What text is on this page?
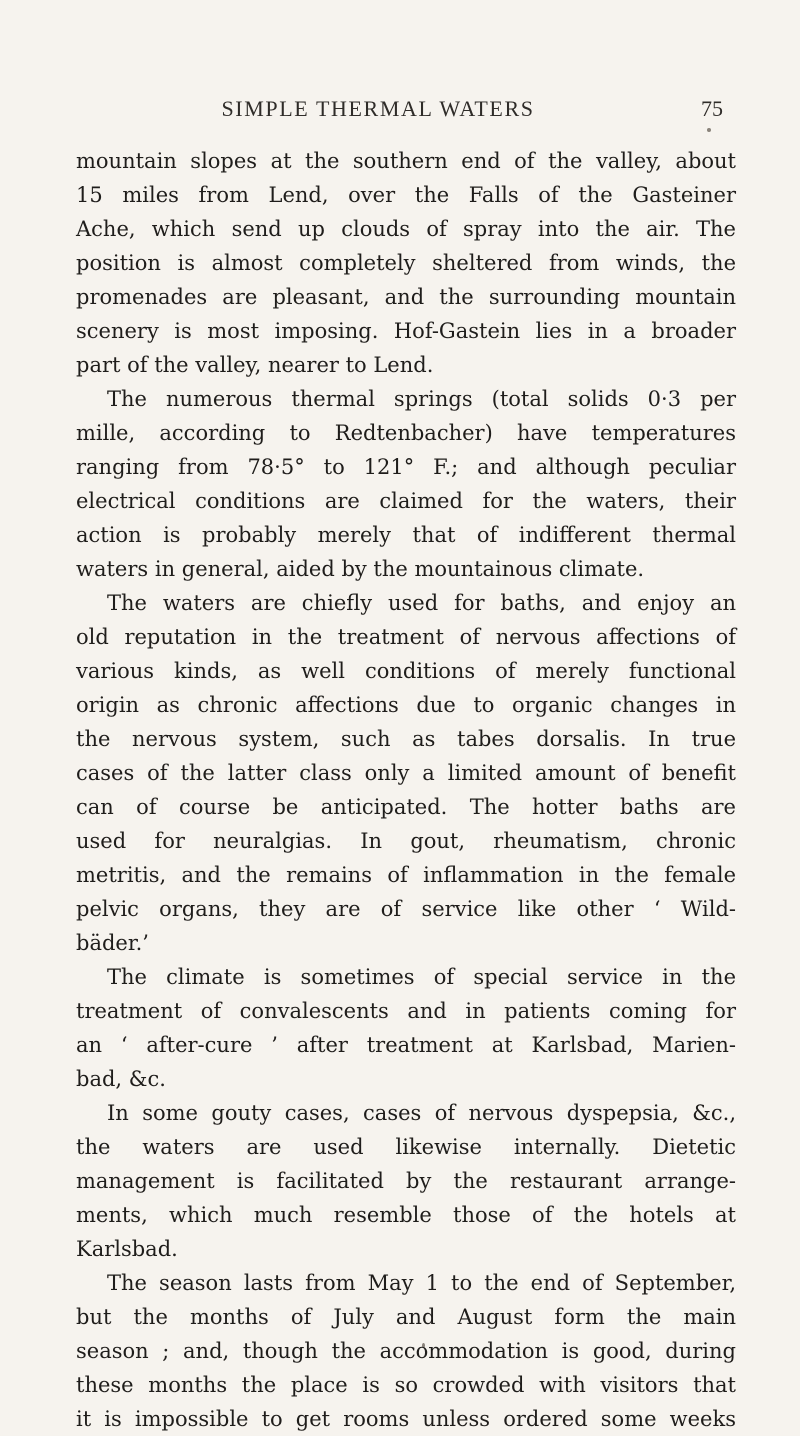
SIMPLE THERMAL WATERS	75
mountain slopes at the southern end of the valley, about
15 miles from Lend, over the Falls of the Gasteiner
Ache, which send up clouds of spray into the air. The
position is almost completely sheltered from winds, the
promenades are pleasant, and the surrounding mountain
scenery is most imposing. Hof-Gastein lies in a broader
part of the valley, nearer to Lend.
The numerous thermal springs (total solids 0·3 per
mille, according to Redtenbacher) have temperatures
ranging from 78·5° to 121° F.; and although peculiar
electrical conditions are claimed for the waters, their
action is probably merely that of indifferent thermal
waters in general, aided by the mountainous climate.
The waters are chiefly used for baths, and enjoy an
old reputation in the treatment of nervous affections of
various kinds, as well conditions of merely functional
origin as chronic affections due to organic changes in
the nervous system, such as tabes dorsalis. In true
cases of the latter class only a limited amount of benefit
can of course be anticipated. The hotter baths are
used for neuralgias. In gout, rheumatism, chronic
metritis, and the remains of inflammation in the female
pelvic organs, they are of service like other ‘ Wild-
bäder.’
The climate is sometimes of special service in the
treatment of convalescents and in patients coming for
an ‘ after-cure ’ after treatment at Karlsbad, Marien-
bad, &c.
In some gouty cases, cases of nervous dyspepsia, &c.,
the waters are used likewise internally. Dietetic
management is facilitated by the restaurant arrange-
ments, which much resemble those of the hotels at
Karlsbad.
The season lasts from May 1 to the end of September,
but the months of July and August form the main
season ; and, though the accommodation is good, during
these months the place is so crowded with visitors that
it is impossible to get rooms unless ordered some weeks
